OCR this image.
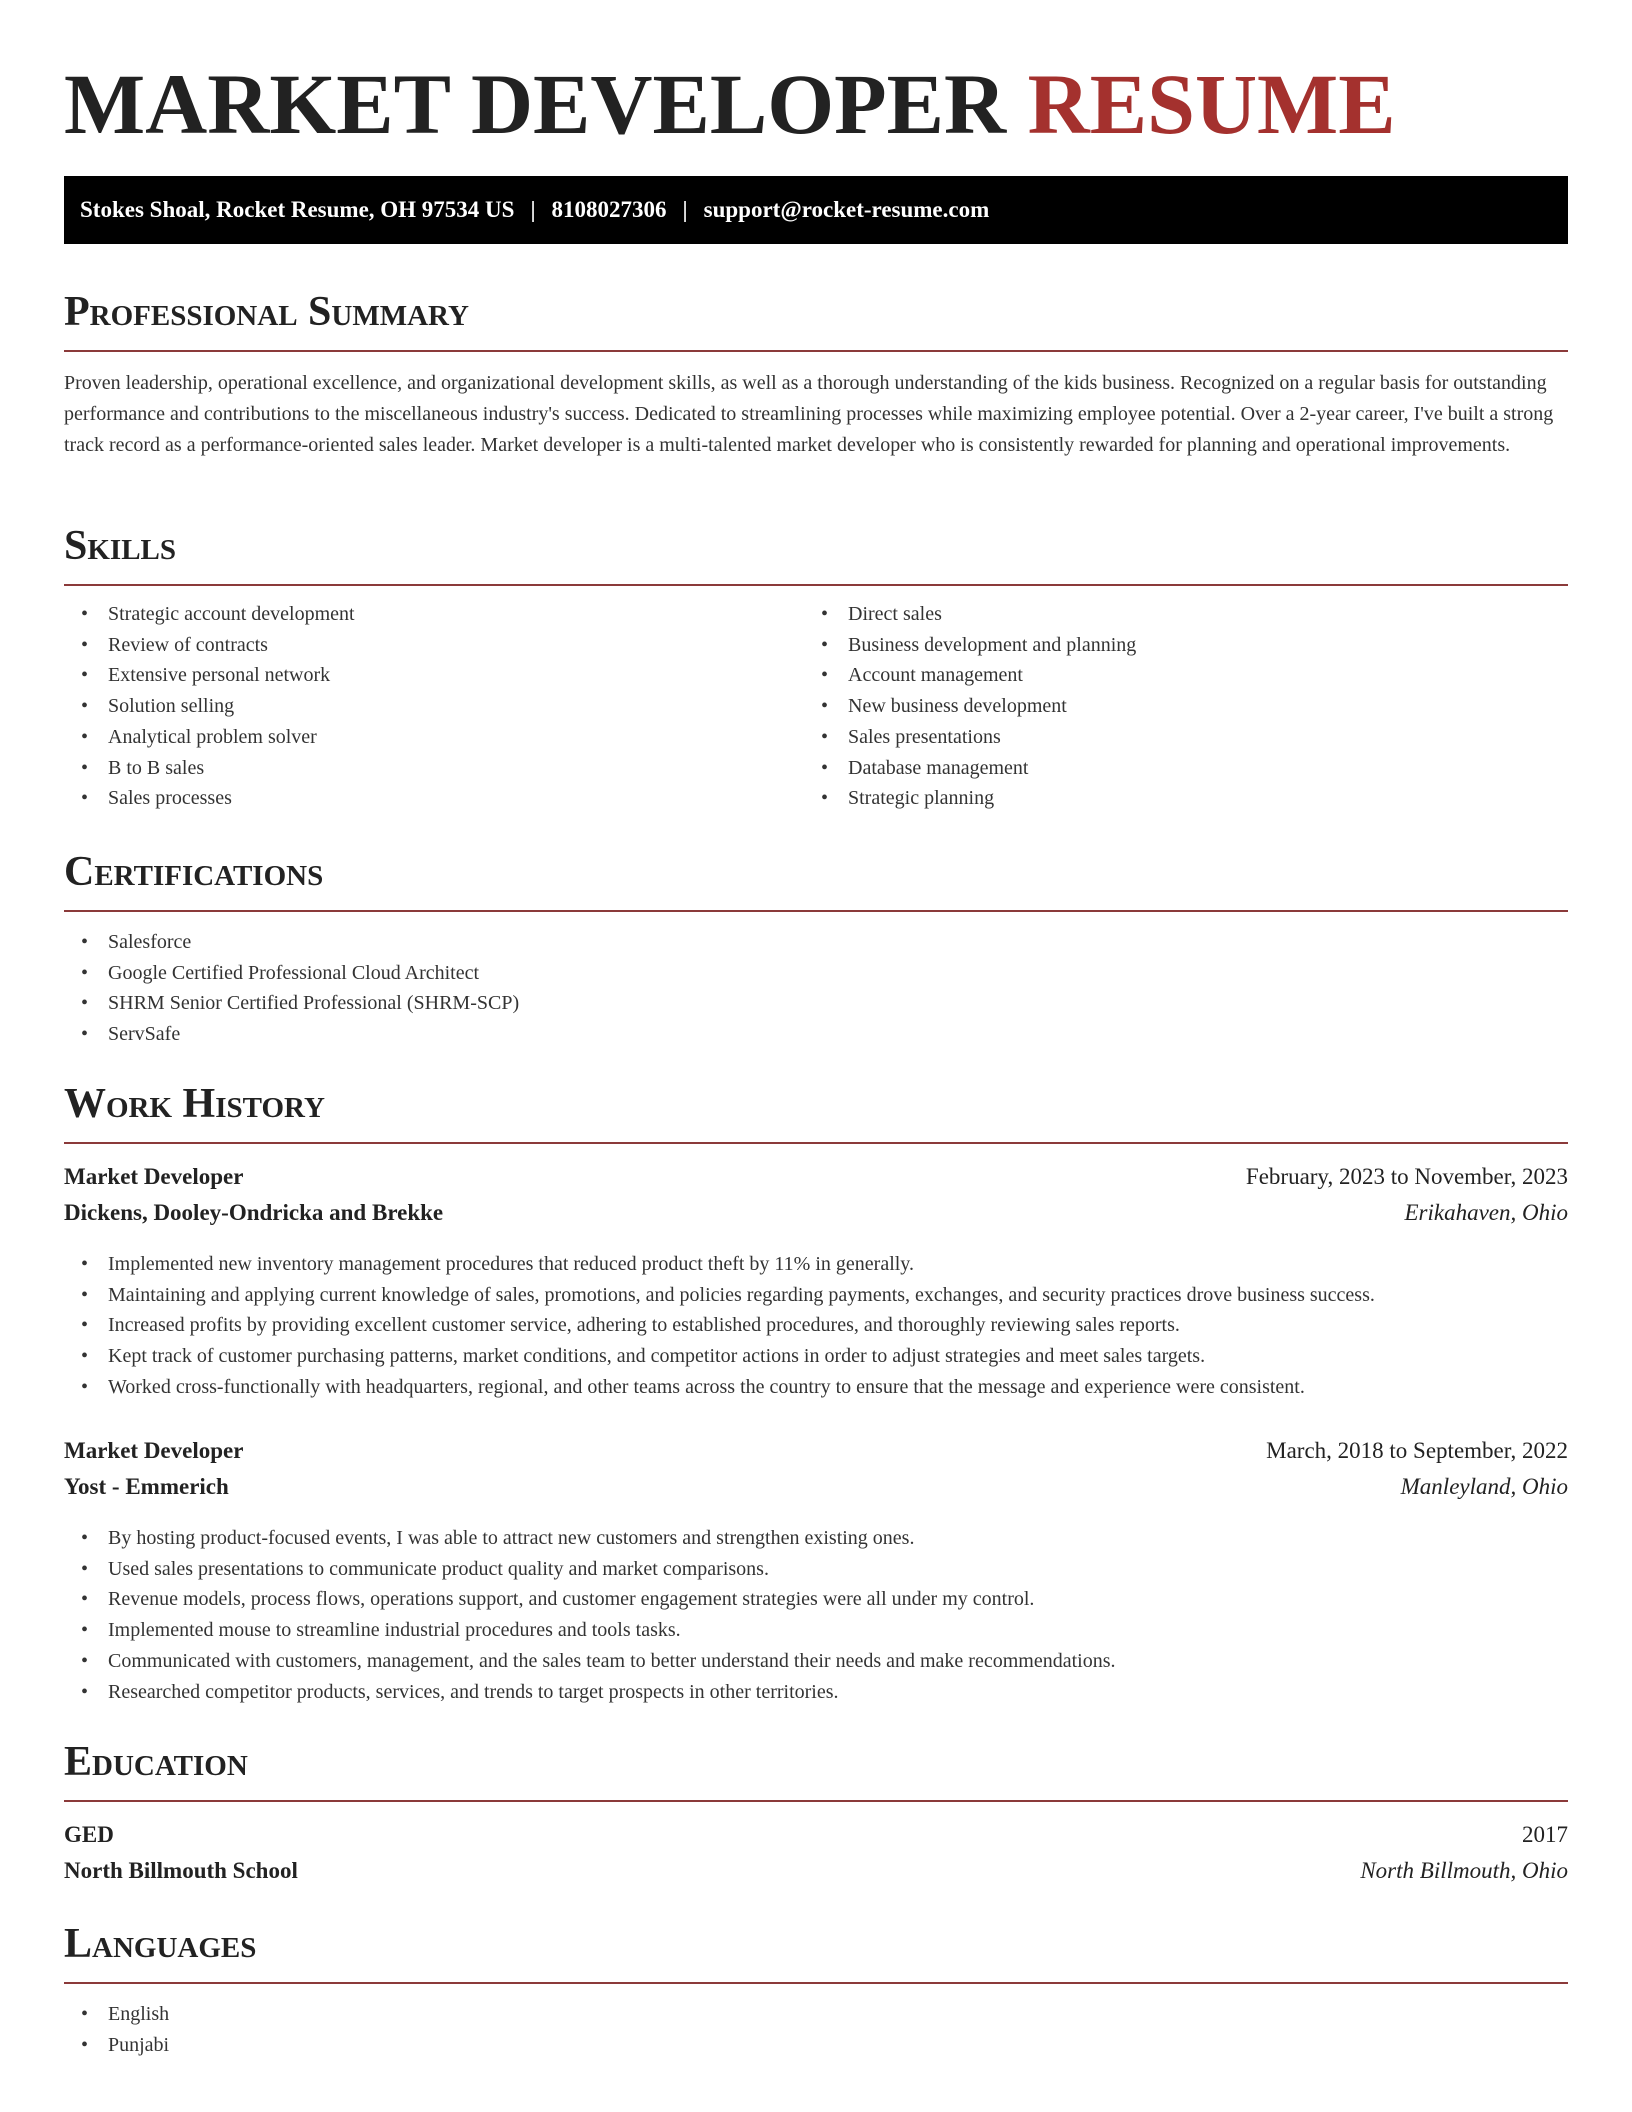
MARKET DEVELOPER RESUME
Stokes Shoal, Rocket Resume, OH 97534 US | 8108027306 | support@rocket-resume.com
Professional Summary

Proven leadership, operational excellence, and organizational development skills, as well as a thorough understanding of the kids business. Recognized on a regular basis for outstanding performance and contributions to the miscellaneous industry's success. Dedicated to streamlining processes while maximizing employee potential. Over a 2-year career, I've built a strong track record as a performance-oriented sales leader. Market developer is a multi-talented market developer who is consistently rewarded for planning and operational improvements.

Skills
• Strategic account development
• Review of contracts
• Extensive personal network
• Solution selling
• Analytical problem solver
• B to B sales
• Sales processes
• Direct sales
• Business development and planning
• Account management
• New business development
• Sales presentations
• Database management
• Strategic planning
Certifications
• Salesforce
• Google Certified Professional Cloud Architect
• SHRM Senior Certified Professional (SHRM-SCP)
• ServSafe
Work History
Market Developer	February, 2023 to November, 2023
Dickens, Dooley-Ondricka and Brekke	Erikahaven, Ohio
• Implemented new inventory management procedures that reduced product theft by 11% in generally.
• Maintaining and applying current knowledge of sales, promotions, and policies regarding payments, exchanges, and security practices drove business success.
• Increased profits by providing excellent customer service, adhering to established procedures, and thoroughly reviewing sales reports.
• Kept track of customer purchasing patterns, market conditions, and competitor actions in order to adjust strategies and meet sales targets.
• Worked cross-functionally with headquarters, regional, and other teams across the country to ensure that the message and experience were consistent.
Market Developer	March, 2018 to September, 2022
Yost - Emmerich	Manleyland, Ohio
• By hosting product-focused events, I was able to attract new customers and strengthen existing ones.
• Used sales presentations to communicate product quality and market comparisons.
• Revenue models, process flows, operations support, and customer engagement strategies were all under my control.
• Implemented mouse to streamline industrial procedures and tools tasks.
• Communicated with customers, management, and the sales team to better understand their needs and make recommendations.
• Researched competitor products, services, and trends to target prospects in other territories.
Education
GED	2017
North Billmouth School	North Billmouth, Ohio
Languages
• English
• Punjabi
